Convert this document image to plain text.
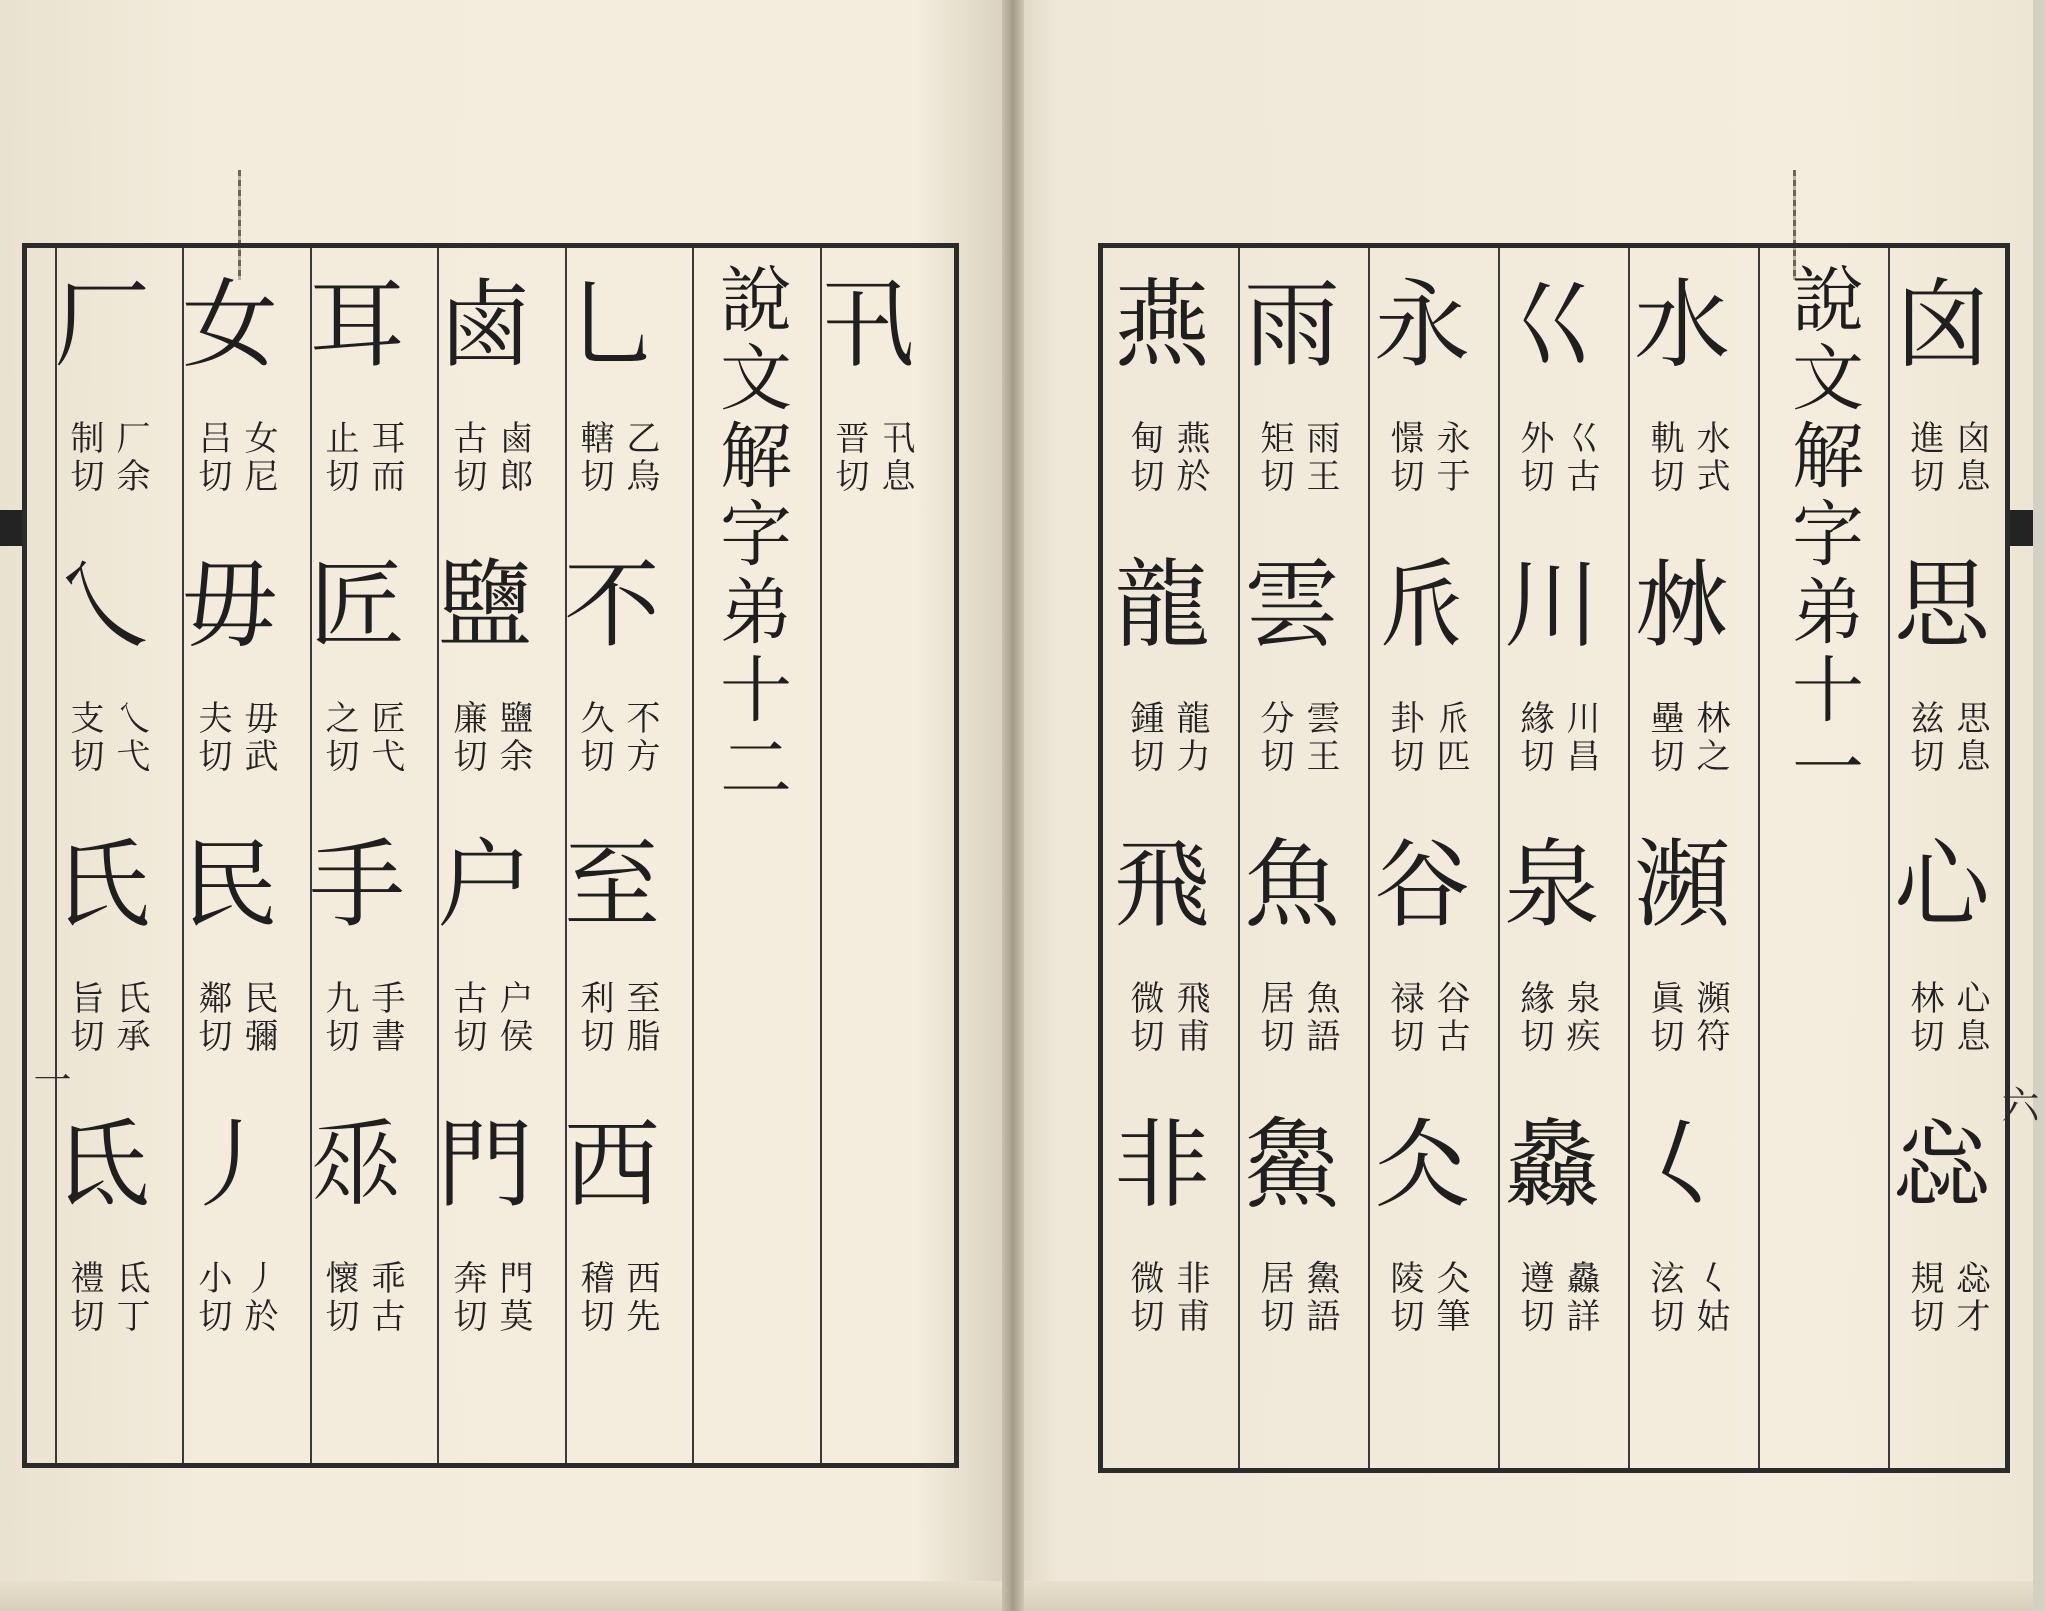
卂
卂息
晋切
說文解字弟十二
乚
乙烏
轄切
不
不方
久切
至
至脂
利切
西
西先
稽切
鹵
鹵郎
古切
鹽
鹽余
廉切
户
户侯
古切
門
門莫
奔切
耳
耳而
止切
匠
匠弋
之切
手
手書
九切
𠂹
乖古
懷切
女
女尼
吕切
毋
毋武
夫切
民
民彌
鄰切
丿
丿於
小切
厂
厂余
制切
乀
乀弋
支切
氏
氏承
旨切
氐
氐丁
禮切
囟
囟息
進切
思
思息
兹切
心
心息
林切
惢
惢才
規切
說文解字弟十一
水
水式
軌切
沝
林之
壘切
瀕
瀕符
眞切
𡿨
𡿨姑
泫切
巜
巜古
外切
川
川昌
緣切
泉
泉疾
緣切
灥
灥詳
遵切
永
永于
憬切
𠂢
𠂢匹
卦切
谷
谷古
禄切
仌
仌筆
陵切
雨
雨王
矩切
雲
雲王
分切
魚
魚語
居切
𩺰
𩺰語
居切
燕
燕於
甸切
龍
龍力
鍾切
飛
飛甫
微切
非
非甫
微切
一
六
